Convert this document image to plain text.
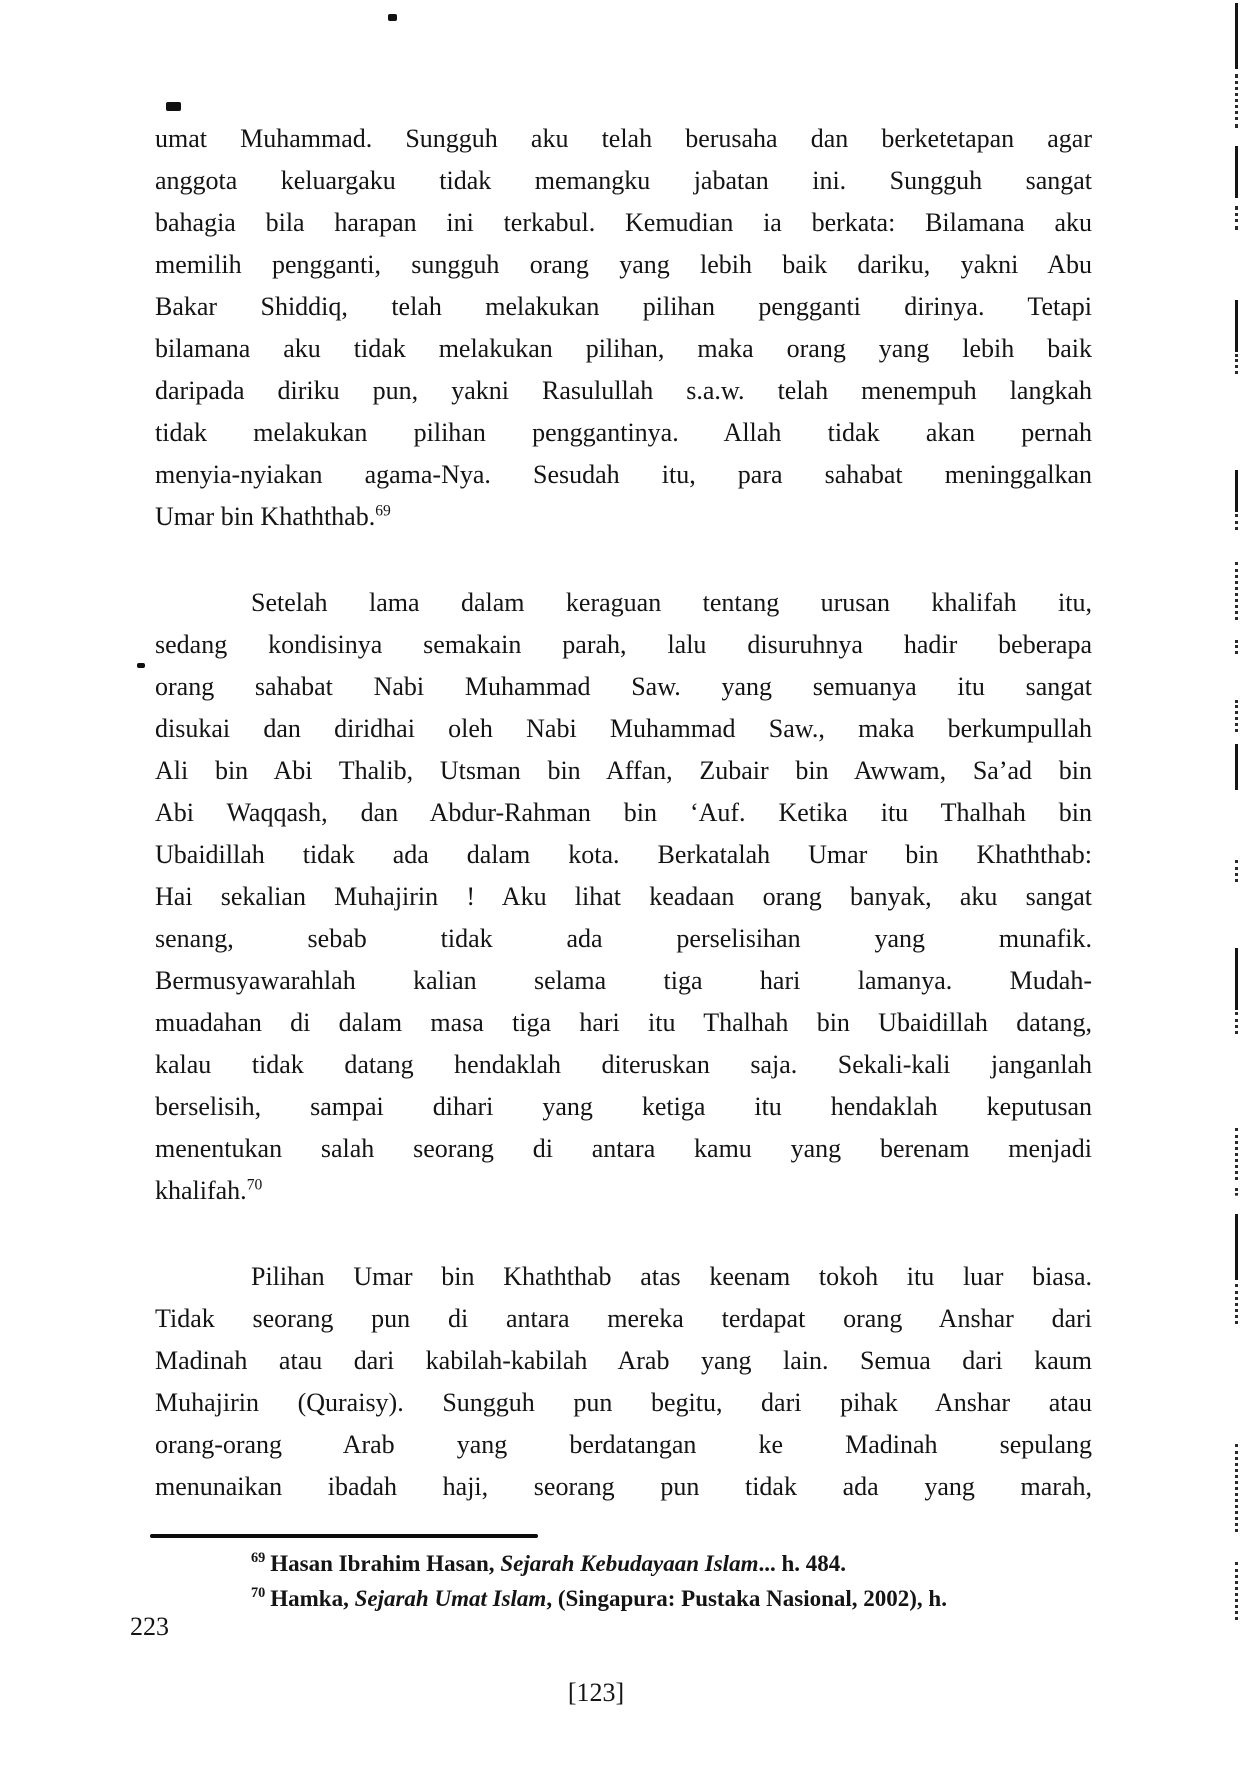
umat Muhammad. Sungguh aku telah berusaha dan berketetapan agar
anggota keluargaku tidak memangku jabatan ini. Sungguh sangat
bahagia bila harapan ini terkabul. Kemudian ia berkata: Bilamana aku
memilih pengganti, sungguh orang yang lebih baik dariku, yakni Abu
Bakar Shiddiq, telah melakukan pilihan pengganti dirinya. Tetapi
bilamana aku tidak melakukan pilihan, maka orang yang lebih baik
daripada diriku pun, yakni Rasulullah s.a.w. telah menempuh langkah
tidak melakukan pilihan penggantinya. Allah tidak akan pernah
menyia-nyiakan agama-Nya. Sesudah itu, para sahabat meninggalkan
Umar bin Khaththab.$^{69}$
Setelah lama dalam keraguan tentang urusan khalifah itu,
sedang kondisinya semakain parah, lalu disuruhnya hadir beberapa
orang sahabat Nabi Muhammad Saw. yang semuanya itu sangat
disukai dan diridhai oleh Nabi Muhammad Saw., maka berkumpullah
Ali bin Abi Thalib, Utsman bin Affan, Zubair bin Awwam, Sa’ad bin
Abi Waqqash, dan Abdur-Rahman bin ‘Auf. Ketika itu Thalhah bin
Ubaidillah tidak ada dalam kota. Berkatalah Umar bin Khaththab:
Hai sekalian Muhajirin ! Aku lihat keadaan orang banyak, aku sangat
senang, sebab tidak ada perselisihan yang munafik.
Bermusyawarahlah kalian selama tiga hari lamanya. Mudah-
muadahan di dalam masa tiga hari itu Thalhah bin Ubaidillah datang,
kalau tidak datang hendaklah diteruskan saja. Sekali-kali janganlah
berselisih, sampai dihari yang ketiga itu hendaklah keputusan
menentukan salah seorang di antara kamu yang berenam menjadi
khalifah.$^{70}$
Pilihan Umar bin Khaththab atas keenam tokoh itu luar biasa.
Tidak seorang pun di antara mereka terdapat orang Anshar dari
Madinah atau dari kabilah-kabilah Arab yang lain. Semua dari kaum
Muhajirin (Quraisy). Sungguh pun begitu, dari pihak Anshar atau
orang-orang Arab yang berdatangan ke Madinah sepulang
menunaikan ibadah haji, seorang pun tidak ada yang marah,
$^{69}$ Hasan Ibrahim Hasan, Sejarah Kebudayaan Islam... h. 484.
$^{70}$ Hamka, Sejarah Umat Islam, (Singapura: Pustaka Nasional, 2002), h.
223
[123]
